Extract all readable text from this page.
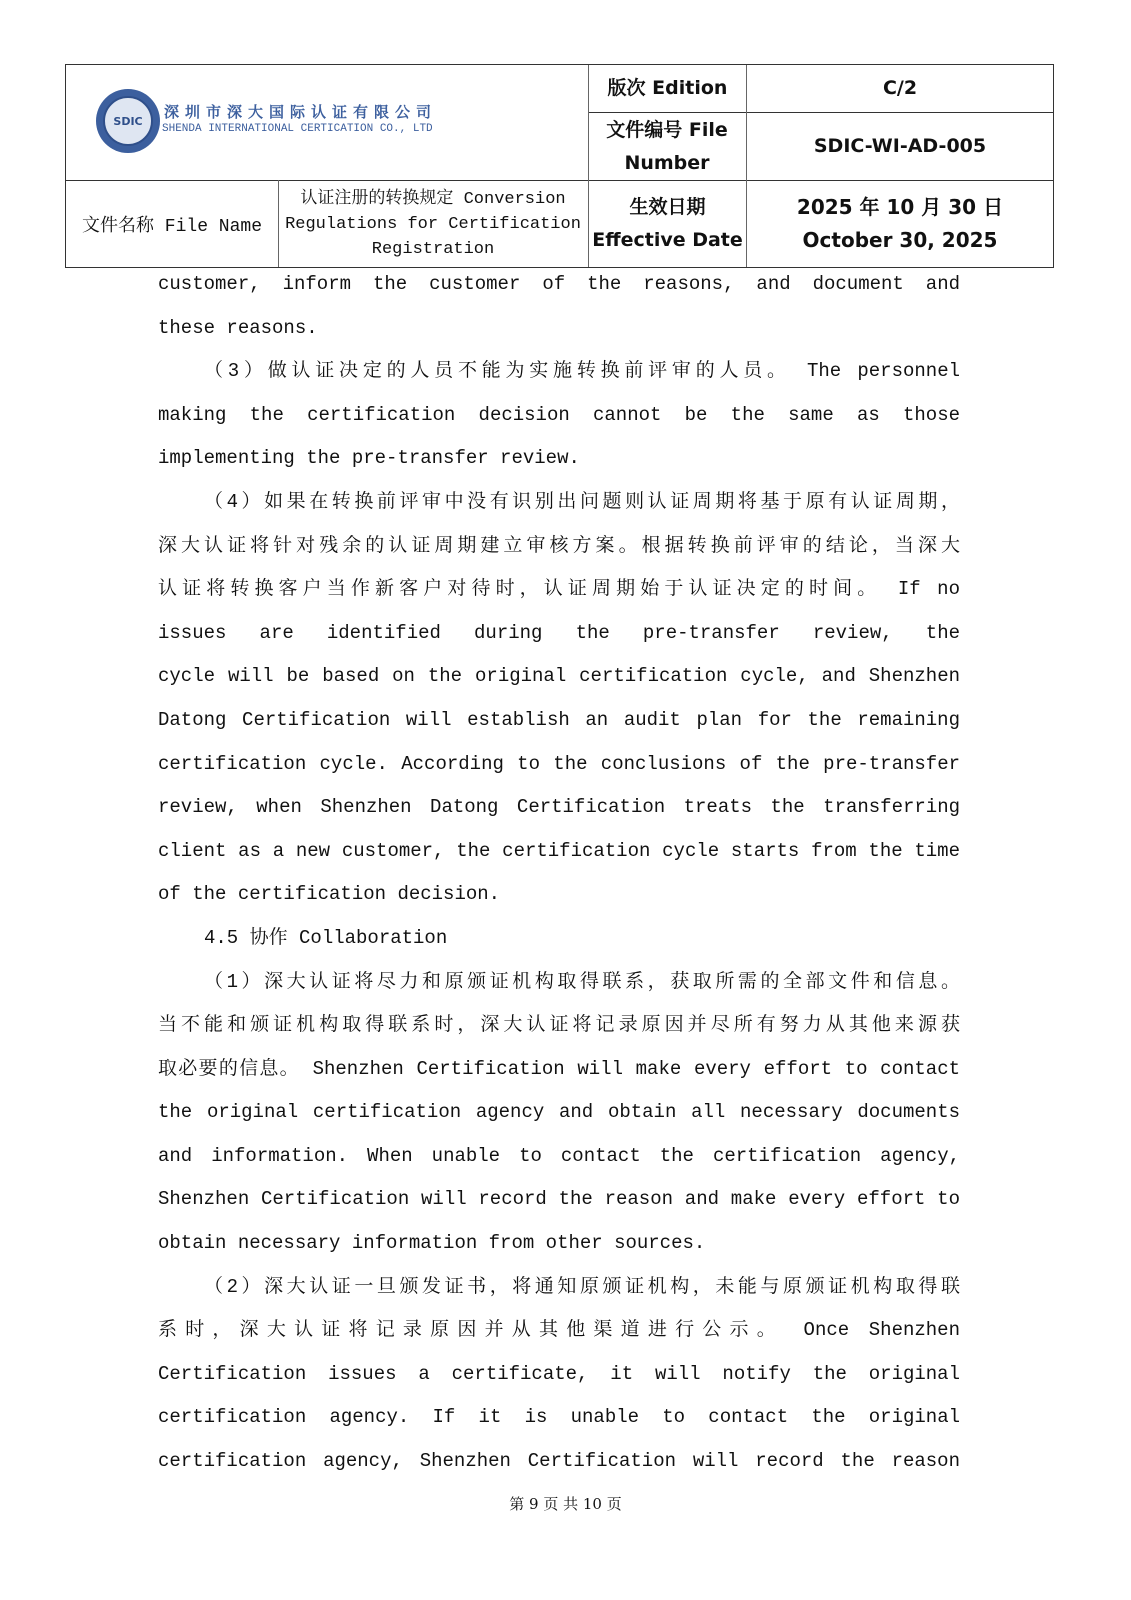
SDIC	深圳市深大国际认证有限公司
SHENDA INTERNATIONAL CERTICATION CO., LTD
版次 Edition	C/2
文件编号 File Number
SDIC-WI-AD-005
文件名称 File Name
认证注册的转换规定 Conversion Regulations for Certification Registration
生效日期
Effective Date
2025 年 10 月 30 日
October 30, 2025
customer, inform the customer of the reasons, and document and
these reasons.
（3）做认证决定的人员不能为实施转换前评审的人员。 The personnel
making the certification decision cannot be the same as those
implementing the pre-transfer review.
（4）如果在转换前评审中没有识别出问题则认证周期将基于原有认证周期，
深大认证将针对残余的认证周期建立审核方案。根据转换前评审的结论，当深大
认证将转换客户当作新客户对待时，认证周期始于认证决定的时间。 If no
issues are identified during the pre-transfer review, the
cycle will be based on the original certification cycle, and Shenzhen
Datong Certification will establish an audit plan for the remaining
certification cycle. According to the conclusions of the pre-transfer
review, when Shenzhen Datong Certification treats the transferring
client as a new customer, the certification cycle starts from the time
of the certification decision.
4.5 协作 Collaboration
（1）深大认证将尽力和原颁证机构取得联系，获取所需的全部文件和信息。
当不能和颁证机构取得联系时，深大认证将记录原因并尽所有努力从其他来源获
取必要的信息。 Shenzhen Certification will make every effort to contact
the original certification agency and obtain all necessary documents
and information. When unable to contact the certification agency,
Shenzhen Certification will record the reason and make every effort to
obtain necessary information from other sources.
（2）深大认证一旦颁发证书，将通知原颁证机构，未能与原颁证机构取得联
系时，深大认证将记录原因并从其他渠道进行公示。 Once Shenzhen
Certification issues a certificate, it will notify the original
certification agency. If it is unable to contact the original
certification agency, Shenzhen Certification will record the reason
第 9 页 共 10 页
